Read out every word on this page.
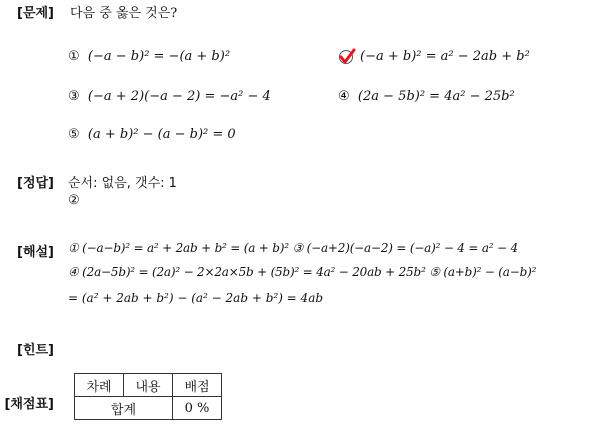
[문제] 다음 중 옳은 것은?
① (−a − b)² = −(a + b)²	(−a + b)² = a² − 2ab + b²
③ (−a + 2)(−a − 2) = −a² − 4	④ (2a − 5b)² = 4a² − 25b²
⑤ (a + b)² − (a − b)² = 0
[정답] 순서: 없음, 갯수: 1
②
[해설] ① (−a−b)² = a² + 2ab + b² = (a + b)² ③ (−a+2)(−a−2) = (−a)² − 4 = a² − 4
④ (2a−5b)² = (2a)² − 2×2a×5b + (5b)² = 4a² − 20ab + 25b² ⑤ (a+b)² − (a−b)²
= (a² + 2ab + b²) − (a² − 2ab + b²) = 4ab
[힌트]
[채점표]
차례	내용	배점
합계		0 %
